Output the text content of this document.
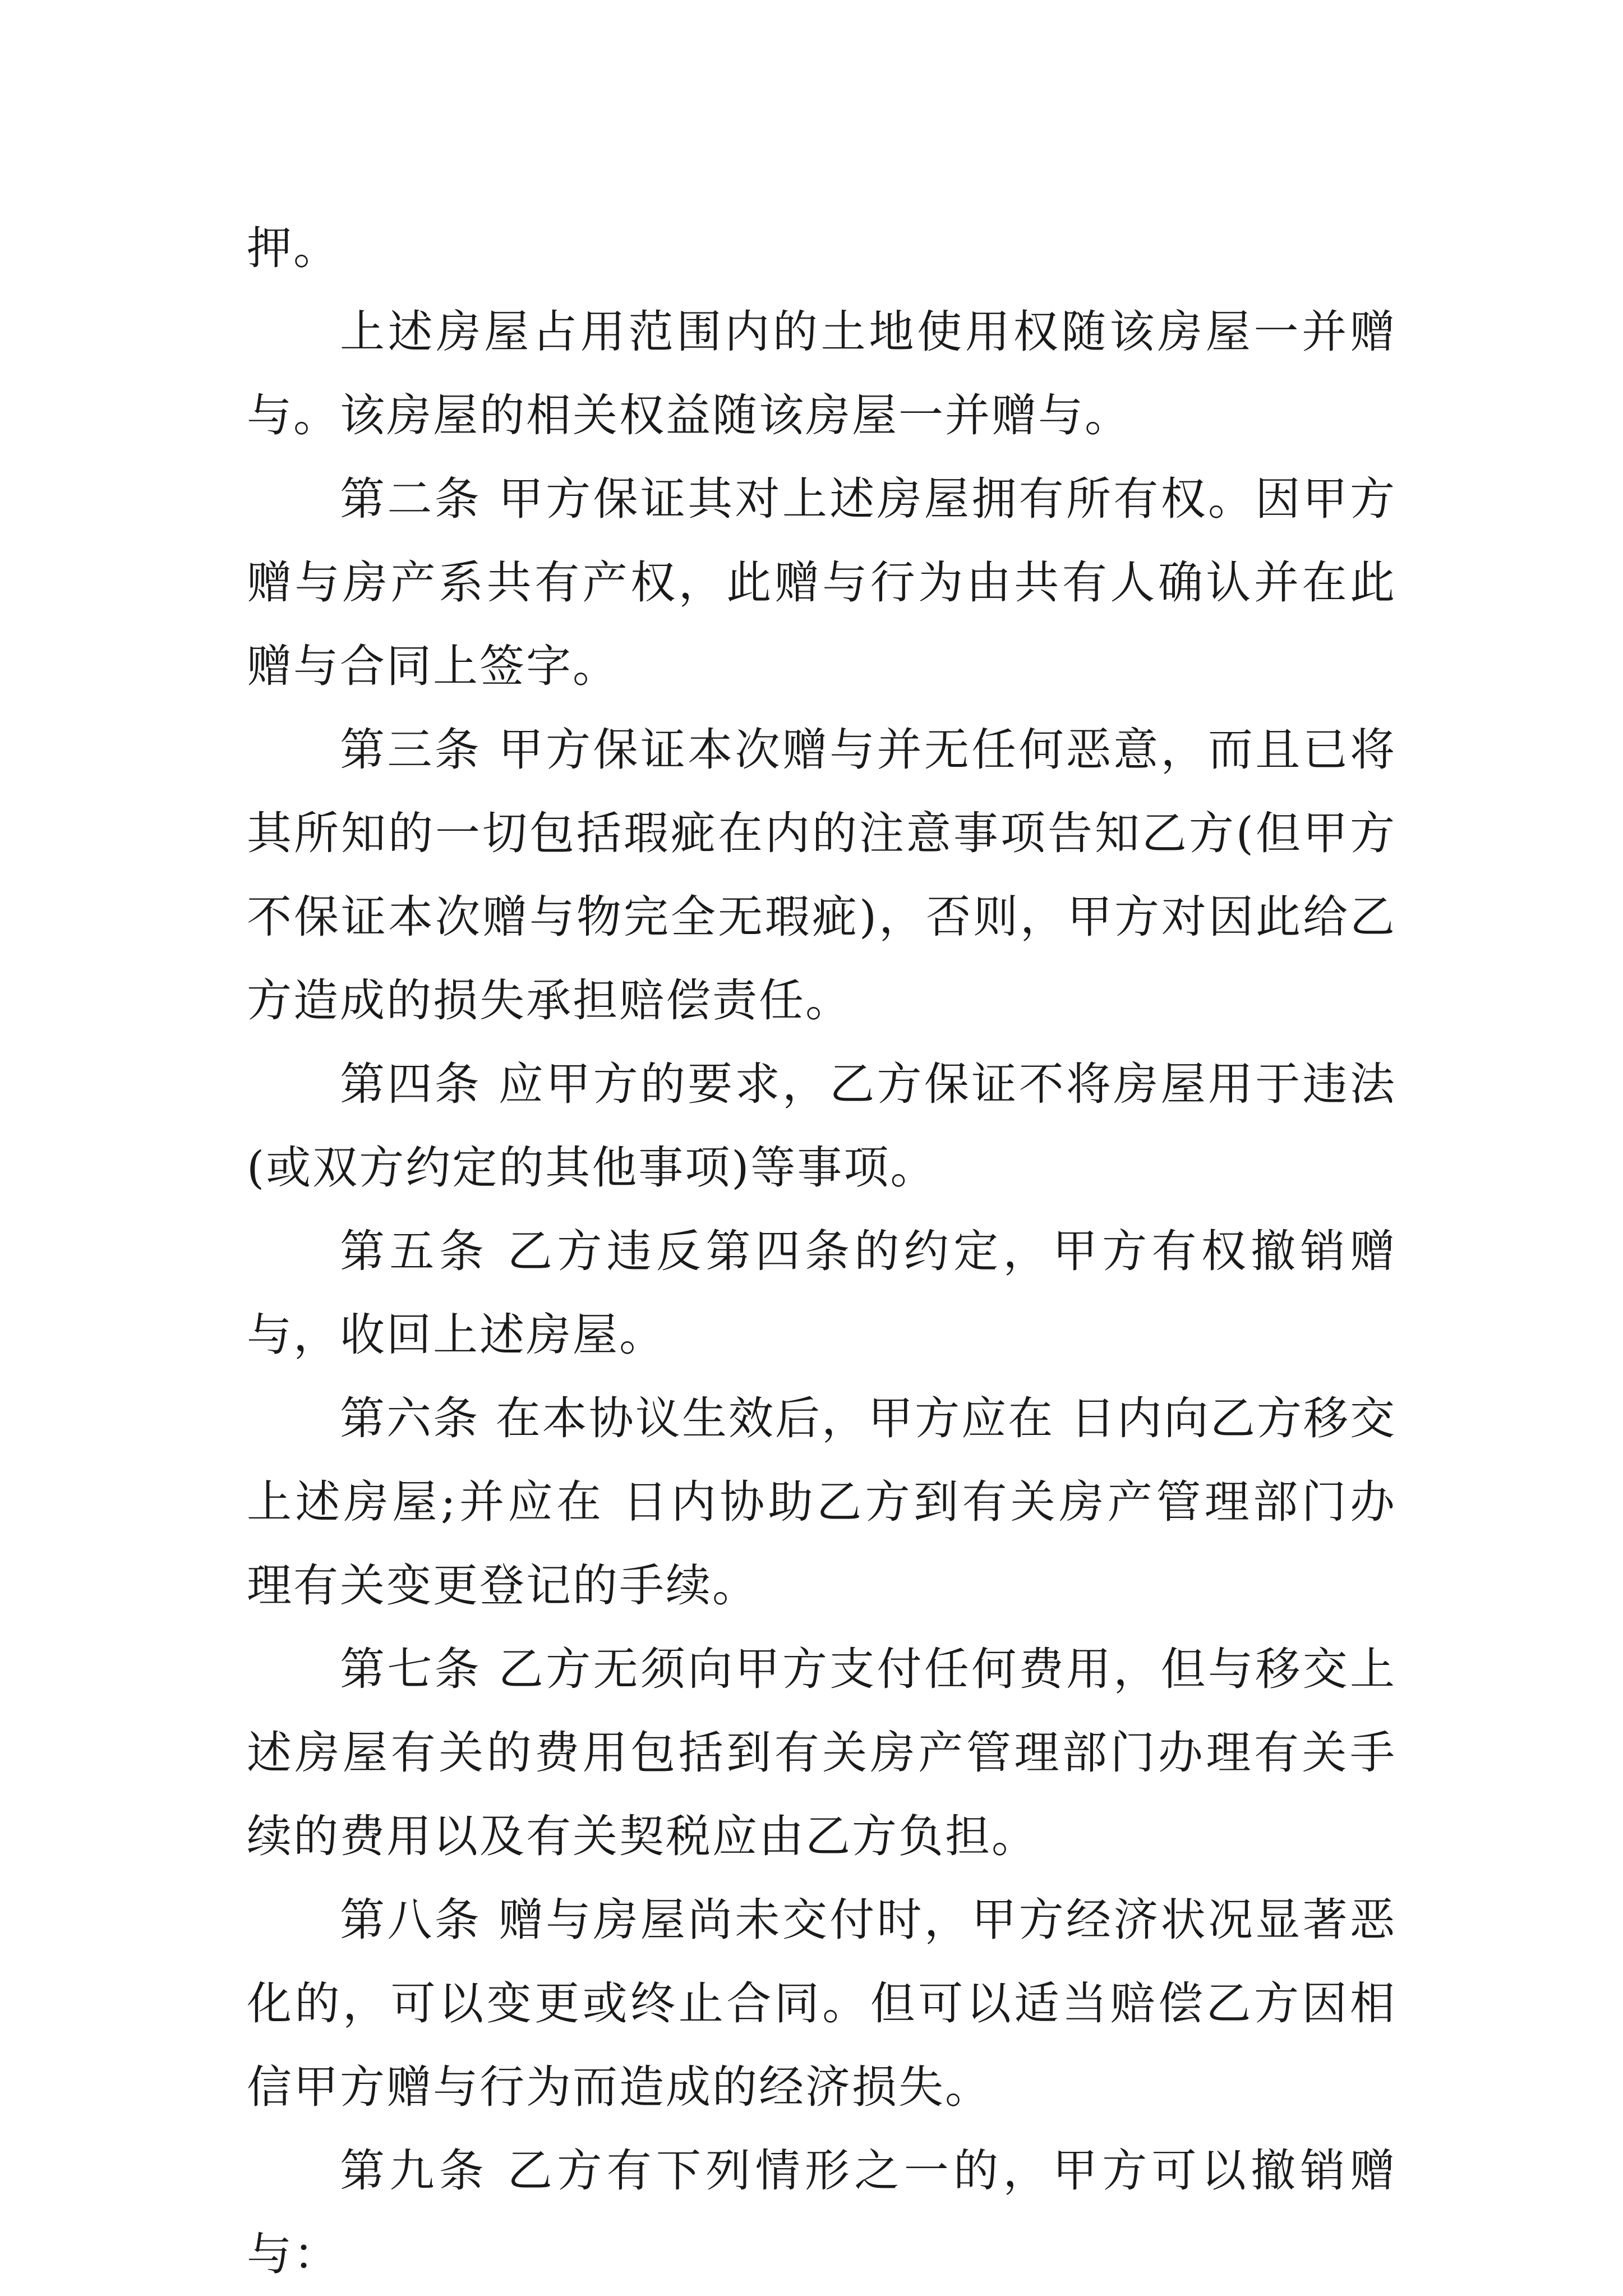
押。

上述房屋占用范围内的土地使用权随该房屋一并赠与。该房屋的相关权益随该房屋一并赠与。

第二条 甲方保证其对上述房屋拥有所有权。因甲方赠与房产系共有产权，此赠与行为由共有人确认并在此赠与合同上签字。

第三条 甲方保证本次赠与并无任何恶意，而且已将其所知的一切包括瑕疵在内的注意事项告知乙方(但甲方不保证本次赠与物完全无瑕疵)，否则，甲方对因此给乙方造成的损失承担赔偿责任。

第四条 应甲方的要求，乙方保证不将房屋用于违法(或双方约定的其他事项)等事项。

第五条 乙方违反第四条的约定，甲方有权撤销赠与，收回上述房屋。

第六条 在本协议生效后，甲方应在 日内向乙方移交上述房屋;并应在 日内协助乙方到有关房产管理部门办理有关变更登记的手续。

第七条 乙方无须向甲方支付任何费用，但与移交上述房屋有关的费用包括到有关房产管理部门办理有关手续的费用以及有关契税应由乙方负担。

第八条 赠与房屋尚未交付时，甲方经济状况显著恶化的，可以变更或终止合同。但可以适当赔偿乙方因相信甲方赠与行为而造成的经济损失。

第九条 乙方有下列情形之一的，甲方可以撤销赠与：
